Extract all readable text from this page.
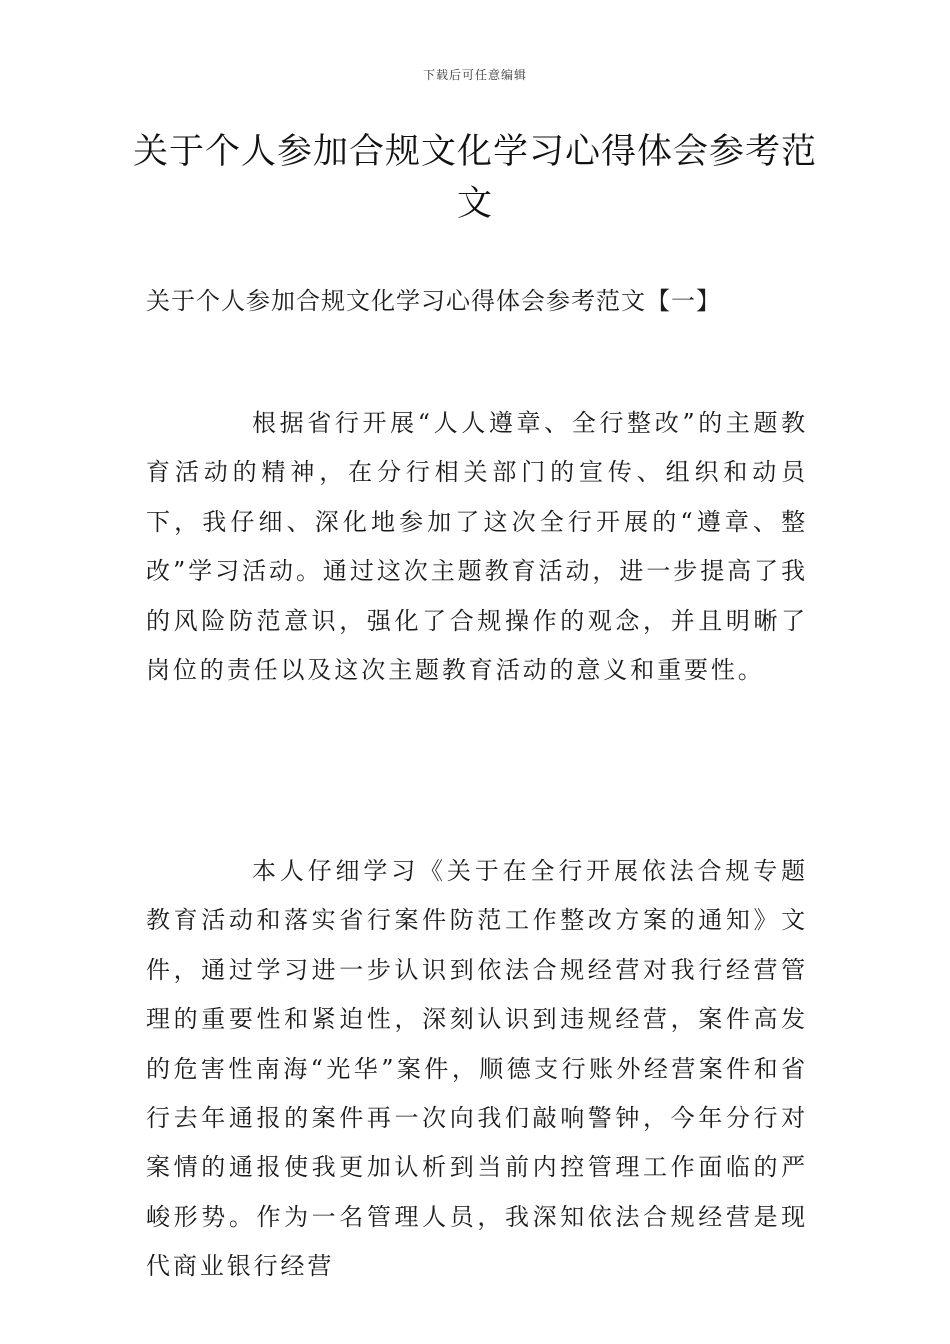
下载后可任意编辑
关于个人参加合规文化学习心得体会参考范文
关于个人参加合规文化学习心得体会参考范文【一】

根据省行开展“人人遵章、全行整改”的主题教育活动的精神，在分行相关部门的宣传、组织和动员下，我仔细、深化地参加了这次全行开展的“遵章、整改”学习活动。通过这次主题教育活动，进一步提高了我的风险防范意识，强化了合规操作的观念，并且明晰了岗位的责任以及这次主题教育活动的意义和重要性。

本人仔细学习《关于在全行开展依法合规专题教育活动和落实省行案件防范工作整改方案的通知》文件，通过学习进一步认识到依法合规经营对我行经营管理的重要性和紧迫性，深刻认识到违规经营，案件高发的危害性南海“光华”案件，顺德支行账外经营案件和省行去年通报的案件再一次向我们敲响警钟，今年分行对案情的通报使我更加认析到当前内控管理工作面临的严峻形势。作为一名管理人员，我深知依法合规经营是现代商业银行经营
